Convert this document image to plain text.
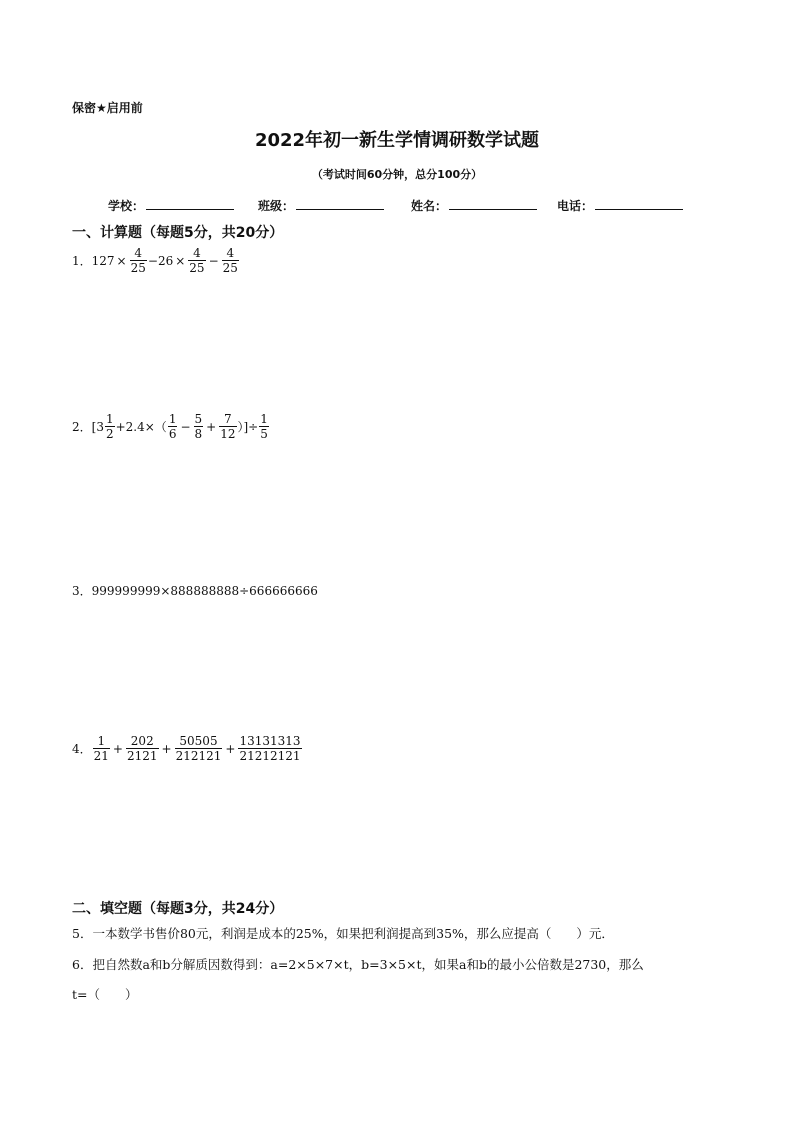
保密★启用前
2022年初一新生学情调研数学试题
（考试时间60分钟，总分100分）
学校：	班级：	姓名：	电话：
一、计算题（每题5分，共20分）
1． $127 \times \frac{4}{25} -26 \times \frac{4}{25} - \frac{4}{25}$
2． [$3 \frac{1}{2} +2.4\times( \frac{1}{6} - \frac{5}{8} + \frac{7}{12}$ ）]÷ $\frac{1}{5}$
3． 999999999×888888888÷666666666
4． $\frac{1}{21} + \frac{202}{2121} + \frac{50505}{212121} + \frac{13131313}{21212121}$
二、填空题（每题3分，共24分）
5．一本数学书售价80元，利润是成本的25%，如果把利润提高到35%，那么应提高（　　）元．
6．把自然数a和b分解质因数得到：a=2×5×7×t，b=3×5×t，如果a和b的最小公倍数是2730，那么
t=（　　）
